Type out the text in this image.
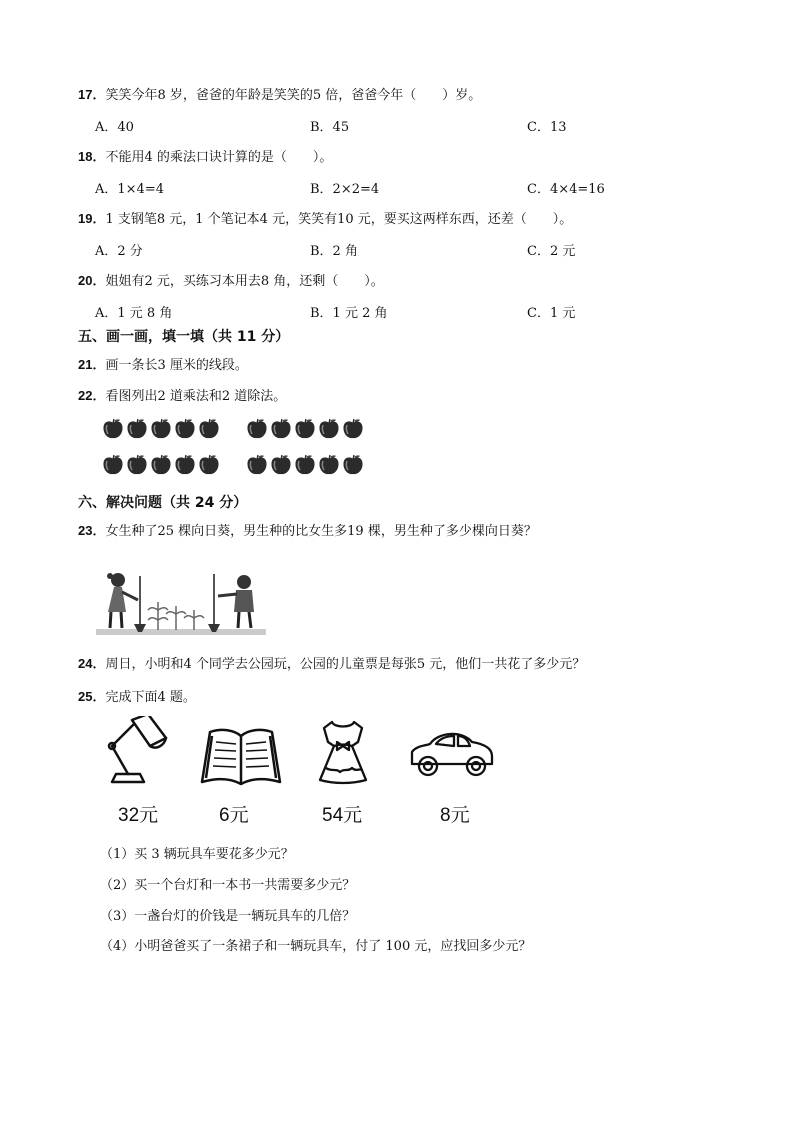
17．笑笑今年8 岁，爸爸的年龄是笑笑的5 倍，爸爸今年（　　）岁。
A．40	B．45	C．13
18．不能用4 的乘法口诀计算的是（　　）。
A．1×4=4	B．2×2=4	C．4×4=16
19．1 支钢笔8 元，1 个笔记本4 元，笑笑有10 元，要买这两样东西，还差（　　）。
A．2 分	B．2 角	C．2 元
20．姐姐有2 元，买练习本用去8 角，还剩（　　）。
A．1 元 8 角	B．1 元 2 角	C．1 元
五、画一画，填一填（共 11 分）
21．画一条长3 厘米的线段。
22．看图列出2 道乘法和2 道除法。
六、解决问题（共 24 分）
23．女生种了25 棵向日葵，男生种的比女生多19 棵，男生种了多少棵向日葵？
24．周日，小明和4 个同学去公园玩，公园的儿童票是每张5 元，他们一共花了多少元？
25．完成下面4 题。
32元	6元	54元	8元
（1）买 3 辆玩具车要花多少元？
（2）买一个台灯和一本书一共需要多少元？
（3）一盏台灯的价钱是一辆玩具车的几倍？
（4）小明爸爸买了一条裙子和一辆玩具车，付了 100 元，应找回多少元？
